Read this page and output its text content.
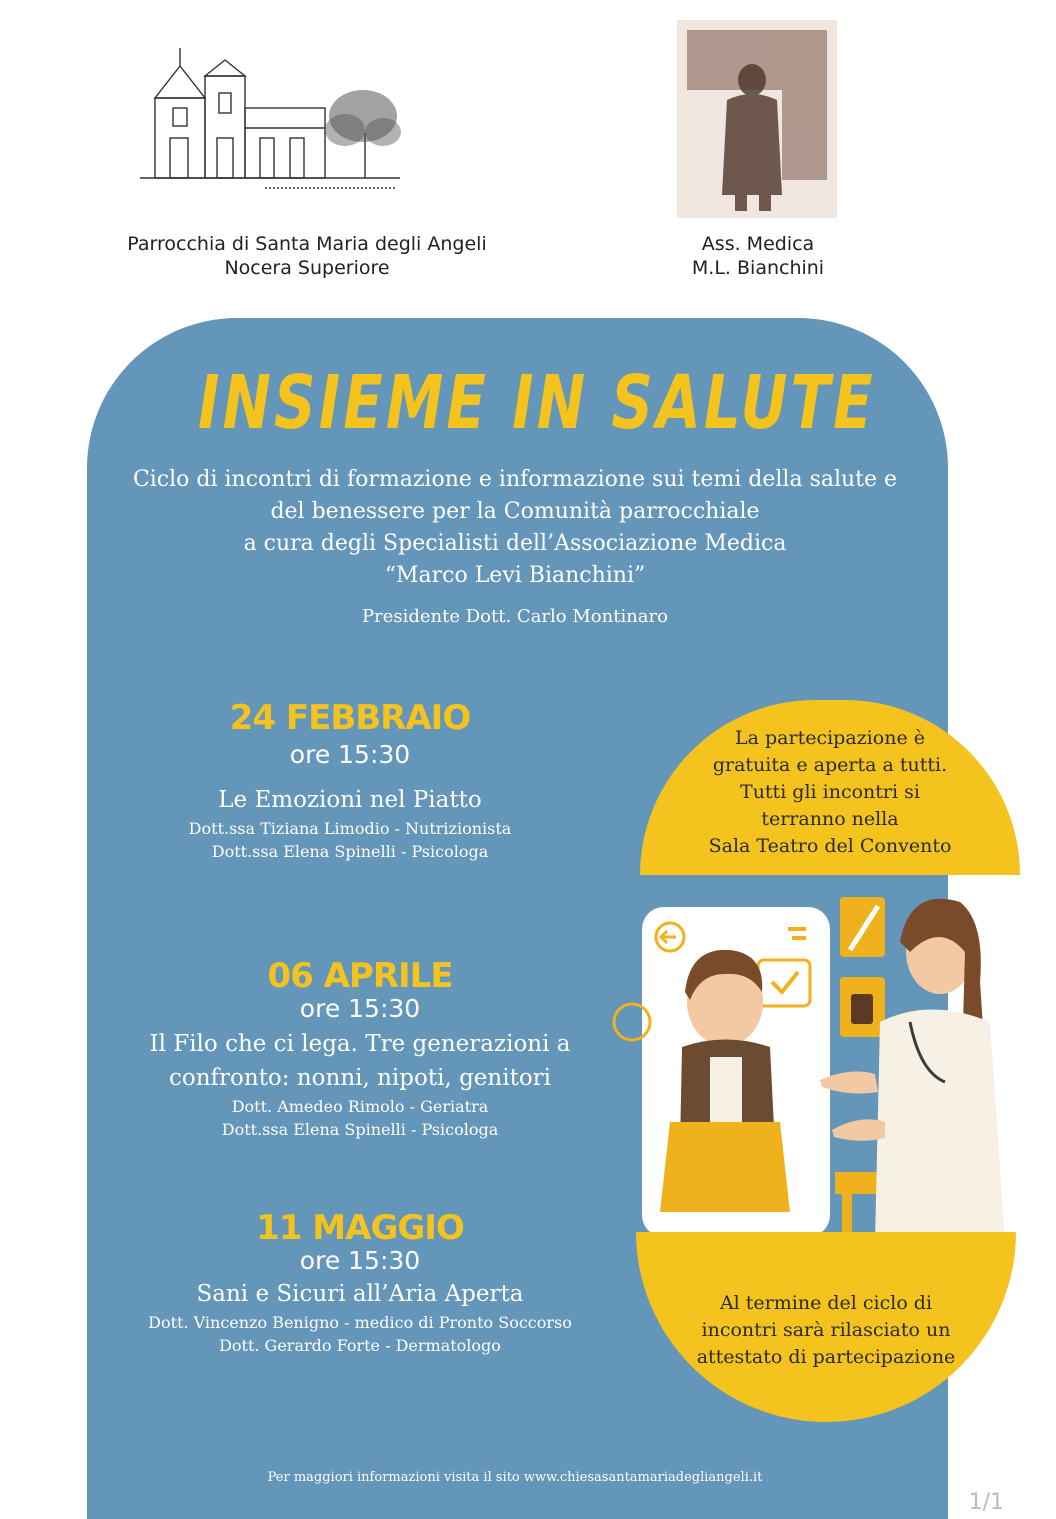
Parrocchia di Santa Maria degli Angeli
Nocera Superiore
Ass. Medica
M.L. Bianchini
INSIEME IN SALUTE
Ciclo di incontri di formazione e informazione sui temi della salute e
del benessere per la Comunità parrocchiale
a cura degli Specialisti dell’Associazione Medica
“Marco Levi Bianchini”
Presidente Dott. Carlo Montinaro
24 FEBBRAIO
ore 15:30
Le Emozioni nel Piatto
Dott.ssa Tiziana Limodio - Nutrizionista
Dott.ssa Elena Spinelli - Psicologa
06 APRILE
ore 15:30
Il Filo che ci lega. Tre generazioni a
confronto: nonni, nipoti, genitori
Dott. Amedeo Rimolo - Geriatra
Dott.ssa Elena Spinelli - Psicologa
11 MAGGIO
ore 15:30
Sani e Sicuri all’Aria Aperta
Dott. Vincenzo Benigno - medico di Pronto Soccorso
Dott. Gerardo Forte - Dermatologo
La partecipazione è
gratuita e aperta a tutti.
Tutti gli incontri si
terranno nella
Sala Teatro del Convento
Al termine del ciclo di
incontri sarà rilasciato un
attestato di partecipazione
Per maggiori informazioni visita il sito www.chiesasantamariadegliangeli.it
1/1
